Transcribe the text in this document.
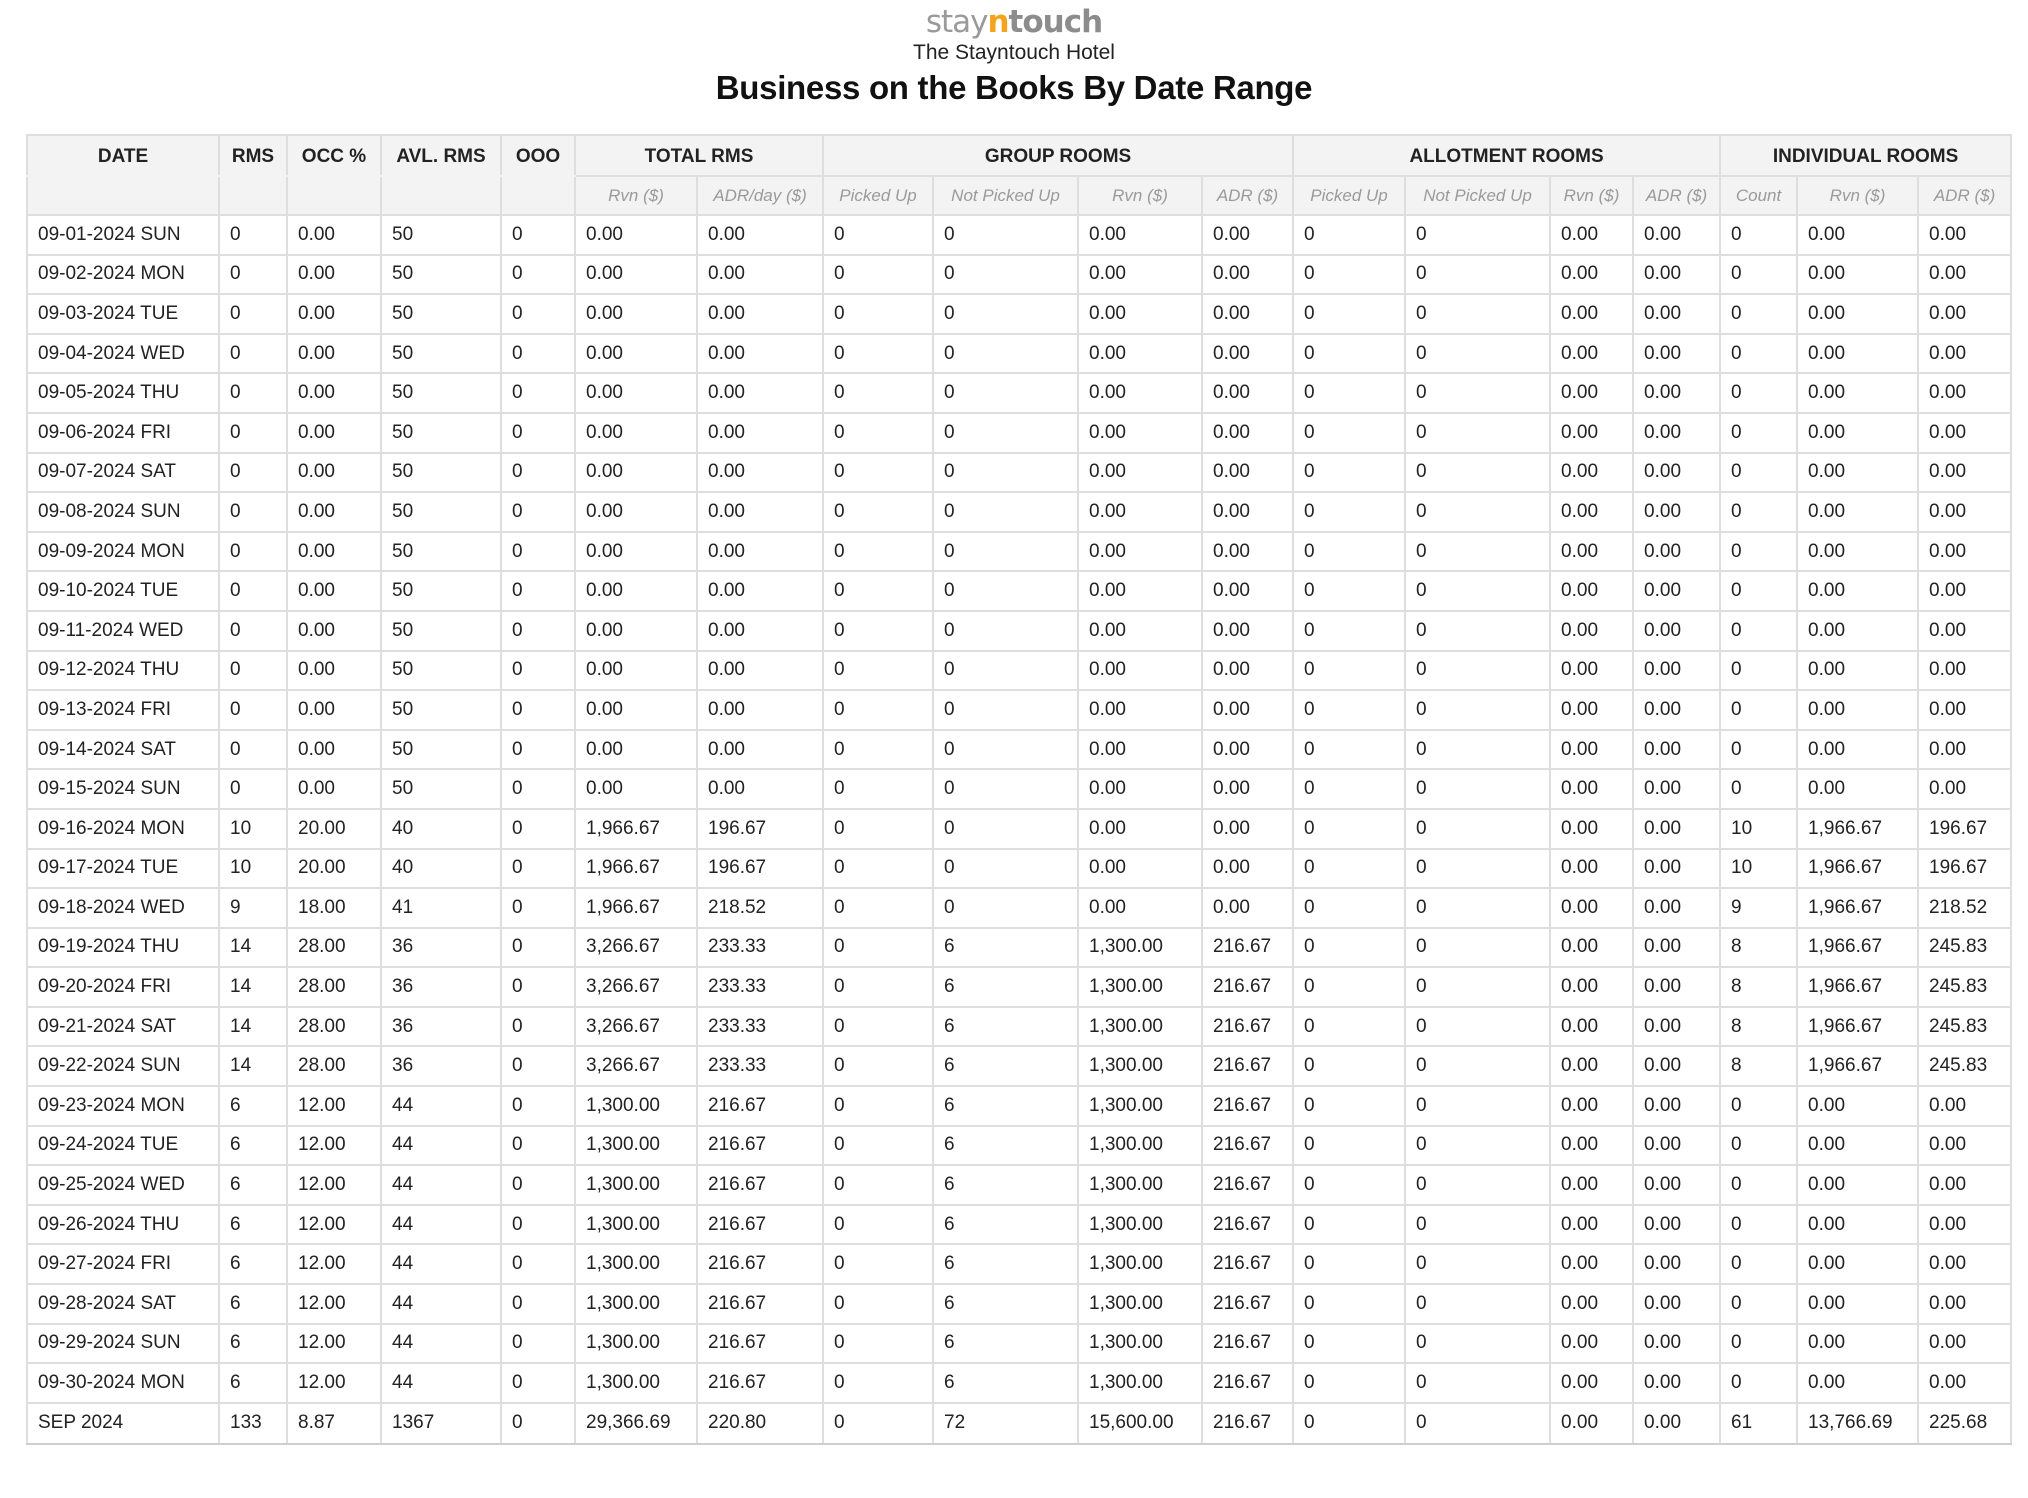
stayntouch
The Stayntouch Hotel
Business on the Books By Date Range
DATE	RMS	OCC %	AVL. RMS	OOO	TOTAL RMS		GROUP ROOMS				ALLOTMENT ROOMS				INDIVIDUAL ROOMS		
					Rvn ($)	ADR/day ($)	Picked Up	Not Picked Up	Rvn ($)	ADR ($)	Picked Up	Not Picked Up	Rvn ($)	ADR ($)	Count	Rvn ($)	ADR ($)
09-01-2024 SUN	0	0.00	50	0	0.00	0.00	0	0	0.00	0.00	0	0	0.00	0.00	0	0.00	0.00
09-02-2024 MON	0	0.00	50	0	0.00	0.00	0	0	0.00	0.00	0	0	0.00	0.00	0	0.00	0.00
09-03-2024 TUE	0	0.00	50	0	0.00	0.00	0	0	0.00	0.00	0	0	0.00	0.00	0	0.00	0.00
09-04-2024 WED	0	0.00	50	0	0.00	0.00	0	0	0.00	0.00	0	0	0.00	0.00	0	0.00	0.00
09-05-2024 THU	0	0.00	50	0	0.00	0.00	0	0	0.00	0.00	0	0	0.00	0.00	0	0.00	0.00
09-06-2024 FRI	0	0.00	50	0	0.00	0.00	0	0	0.00	0.00	0	0	0.00	0.00	0	0.00	0.00
09-07-2024 SAT	0	0.00	50	0	0.00	0.00	0	0	0.00	0.00	0	0	0.00	0.00	0	0.00	0.00
09-08-2024 SUN	0	0.00	50	0	0.00	0.00	0	0	0.00	0.00	0	0	0.00	0.00	0	0.00	0.00
09-09-2024 MON	0	0.00	50	0	0.00	0.00	0	0	0.00	0.00	0	0	0.00	0.00	0	0.00	0.00
09-10-2024 TUE	0	0.00	50	0	0.00	0.00	0	0	0.00	0.00	0	0	0.00	0.00	0	0.00	0.00
09-11-2024 WED	0	0.00	50	0	0.00	0.00	0	0	0.00	0.00	0	0	0.00	0.00	0	0.00	0.00
09-12-2024 THU	0	0.00	50	0	0.00	0.00	0	0	0.00	0.00	0	0	0.00	0.00	0	0.00	0.00
09-13-2024 FRI	0	0.00	50	0	0.00	0.00	0	0	0.00	0.00	0	0	0.00	0.00	0	0.00	0.00
09-14-2024 SAT	0	0.00	50	0	0.00	0.00	0	0	0.00	0.00	0	0	0.00	0.00	0	0.00	0.00
09-15-2024 SUN	0	0.00	50	0	0.00	0.00	0	0	0.00	0.00	0	0	0.00	0.00	0	0.00	0.00
09-16-2024 MON	10	20.00	40	0	1,966.67	196.67	0	0	0.00	0.00	0	0	0.00	0.00	10	1,966.67	196.67
09-17-2024 TUE	10	20.00	40	0	1,966.67	196.67	0	0	0.00	0.00	0	0	0.00	0.00	10	1,966.67	196.67
09-18-2024 WED	9	18.00	41	0	1,966.67	218.52	0	0	0.00	0.00	0	0	0.00	0.00	9	1,966.67	218.52
09-19-2024 THU	14	28.00	36	0	3,266.67	233.33	0	6	1,300.00	216.67	0	0	0.00	0.00	8	1,966.67	245.83
09-20-2024 FRI	14	28.00	36	0	3,266.67	233.33	0	6	1,300.00	216.67	0	0	0.00	0.00	8	1,966.67	245.83
09-21-2024 SAT	14	28.00	36	0	3,266.67	233.33	0	6	1,300.00	216.67	0	0	0.00	0.00	8	1,966.67	245.83
09-22-2024 SUN	14	28.00	36	0	3,266.67	233.33	0	6	1,300.00	216.67	0	0	0.00	0.00	8	1,966.67	245.83
09-23-2024 MON	6	12.00	44	0	1,300.00	216.67	0	6	1,300.00	216.67	0	0	0.00	0.00	0	0.00	0.00
09-24-2024 TUE	6	12.00	44	0	1,300.00	216.67	0	6	1,300.00	216.67	0	0	0.00	0.00	0	0.00	0.00
09-25-2024 WED	6	12.00	44	0	1,300.00	216.67	0	6	1,300.00	216.67	0	0	0.00	0.00	0	0.00	0.00
09-26-2024 THU	6	12.00	44	0	1,300.00	216.67	0	6	1,300.00	216.67	0	0	0.00	0.00	0	0.00	0.00
09-27-2024 FRI	6	12.00	44	0	1,300.00	216.67	0	6	1,300.00	216.67	0	0	0.00	0.00	0	0.00	0.00
09-28-2024 SAT	6	12.00	44	0	1,300.00	216.67	0	6	1,300.00	216.67	0	0	0.00	0.00	0	0.00	0.00
09-29-2024 SUN	6	12.00	44	0	1,300.00	216.67	0	6	1,300.00	216.67	0	0	0.00	0.00	0	0.00	0.00
09-30-2024 MON	6	12.00	44	0	1,300.00	216.67	0	6	1,300.00	216.67	0	0	0.00	0.00	0	0.00	0.00
SEP 2024	133	8.87	1367	0	29,366.69	220.80	0	72	15,600.00	216.67	0	0	0.00	0.00	61	13,766.69	225.68
